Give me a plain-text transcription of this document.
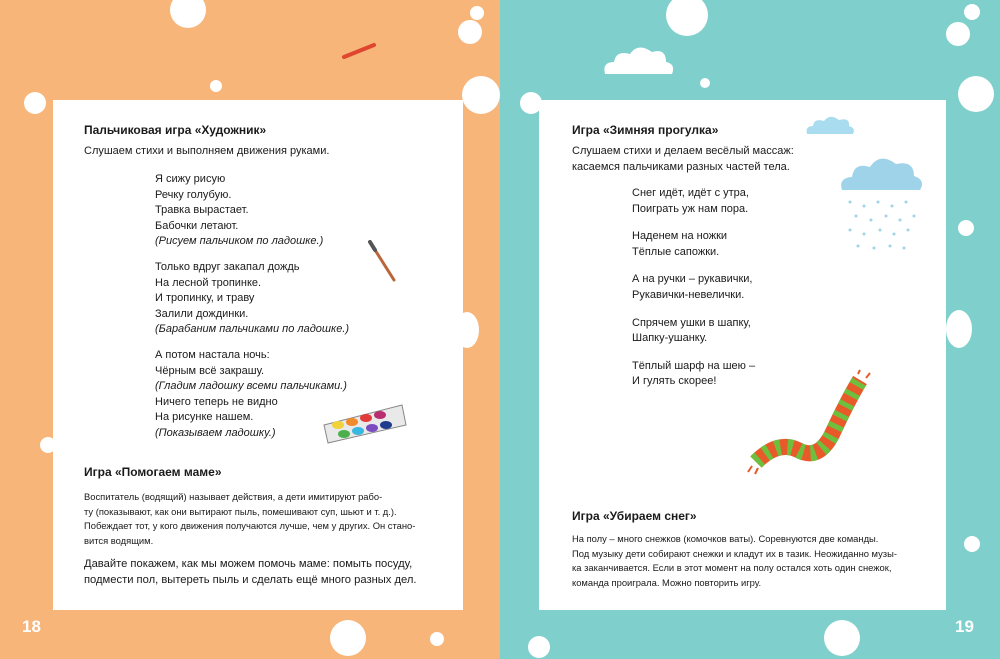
Пальчиковая игра «Художник»
Слушаем стихи и выполняем движения руками.
Я сижу рисую
Речку голубую.
Травка вырастает.
Бабочки летают.
(Рисуем пальчиком по ладошке.)
Только вдруг закапал дождь
На лесной тропинке.
И тропинку, и траву
Залили дождинки.
(Барабаним пальчиками по ладошке.)
А потом настала ночь:
Чёрным всё закрашу.
(Гладим ладошку всеми пальчиками.)
Ничего теперь не видно
На рисунке нашем.
(Показываем ладошку.)
Игра «Помогаем маме»
Воспитатель (водящий) называет действия, а дети имитируют рабо-
ту (показывают, как они вытирают пыль, помешивают суп, шьют и т. д.).
Побеждает тот, у кого движения получаются лучше, чем у других. Он стано-
вится водящим.
Давайте покажем, как мы можем помочь маме: помыть посуду,
подмести пол, вытереть пыль и сделать ещё много разных дел.
18
Игра «Зимняя прогулка»
Слушаем стихи и делаем весёлый массаж:
касаемся пальчиками разных частей тела.
Снег идёт, идёт с утра,
Поиграть уж нам пора.
Наденем на ножки
Тёплые сапожки.
А на ручки – рукавички,
Рукавички-невелички.
Спрячем ушки в шапку,
Шапку-ушанку.
Тёплый шарф на шею –
И гулять скорее!
Игра «Убираем снег»
На полу – много снежков (комочков ваты). Соревнуются две команды.
Под музыку дети собирают снежки и кладут их в тазик. Неожиданно музы-
ка заканчивается. Если в этот момент на полу остался хоть один снежок,
команда проиграла. Можно повторить игру.
19
